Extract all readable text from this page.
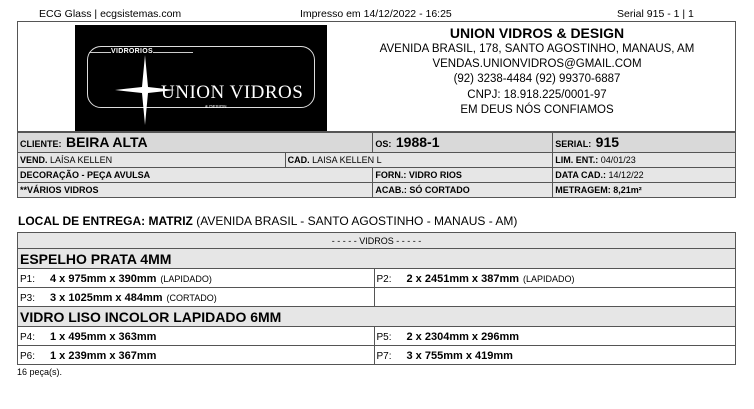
ECG Glass | ecgsistemas.com	Impresso em 14/12/2022 - 16:25	Serial 915 - 1 | 1
VIDRORIOS
UNION VIDROS
& DESIGN
UNION VIDROS & DESIGN
AVENIDA BRASIL, 178, SANTO AGOSTINHO, MANAUS, AM
VENDAS.UNIONVIDROS@GMAIL.COM
(92) 3238-4484 (92) 99370-6887
CNPJ: 18.918.225/0001-97
EM DEUS NÓS CONFIAMOS
CLIENTE: BEIRA ALTA		OS: 1988-1	SERIAL: 915
VEND. LAÍSA KELLEN	CAD. LAISA KELLEN L		LIM. ENT.: 04/01/23
DECORAÇÃO - PEÇA AVULSA		FORN.: VIDRO RIOS	DATA CAD.: 14/12/22
**VÁRIOS VIDROS		ACAB.: SÓ CORTADO	METRAGEM: 8,21m²
LOCAL DE ENTREGA: MATRIZ (AVENIDA BRASIL - SANTO AGOSTINHO - MANAUS - AM)
- - - - - VIDROS - - - - -	
ESPELHO PRATA 4MM	
P1: 4 x 975mm x 390mm (LAPIDADO)	P2: 2 x 2451mm x 387mm (LAPIDADO)
P3: 3 x 1025mm x 484mm (CORTADO)	
VIDRO LISO INCOLOR LAPIDADO 6MM	
P4: 1 x 495mm x 363mm	P5: 2 x 2304mm x 296mm
P6: 1 x 239mm x 367mm	P7: 3 x 755mm x 419mm
16 peça(s).
